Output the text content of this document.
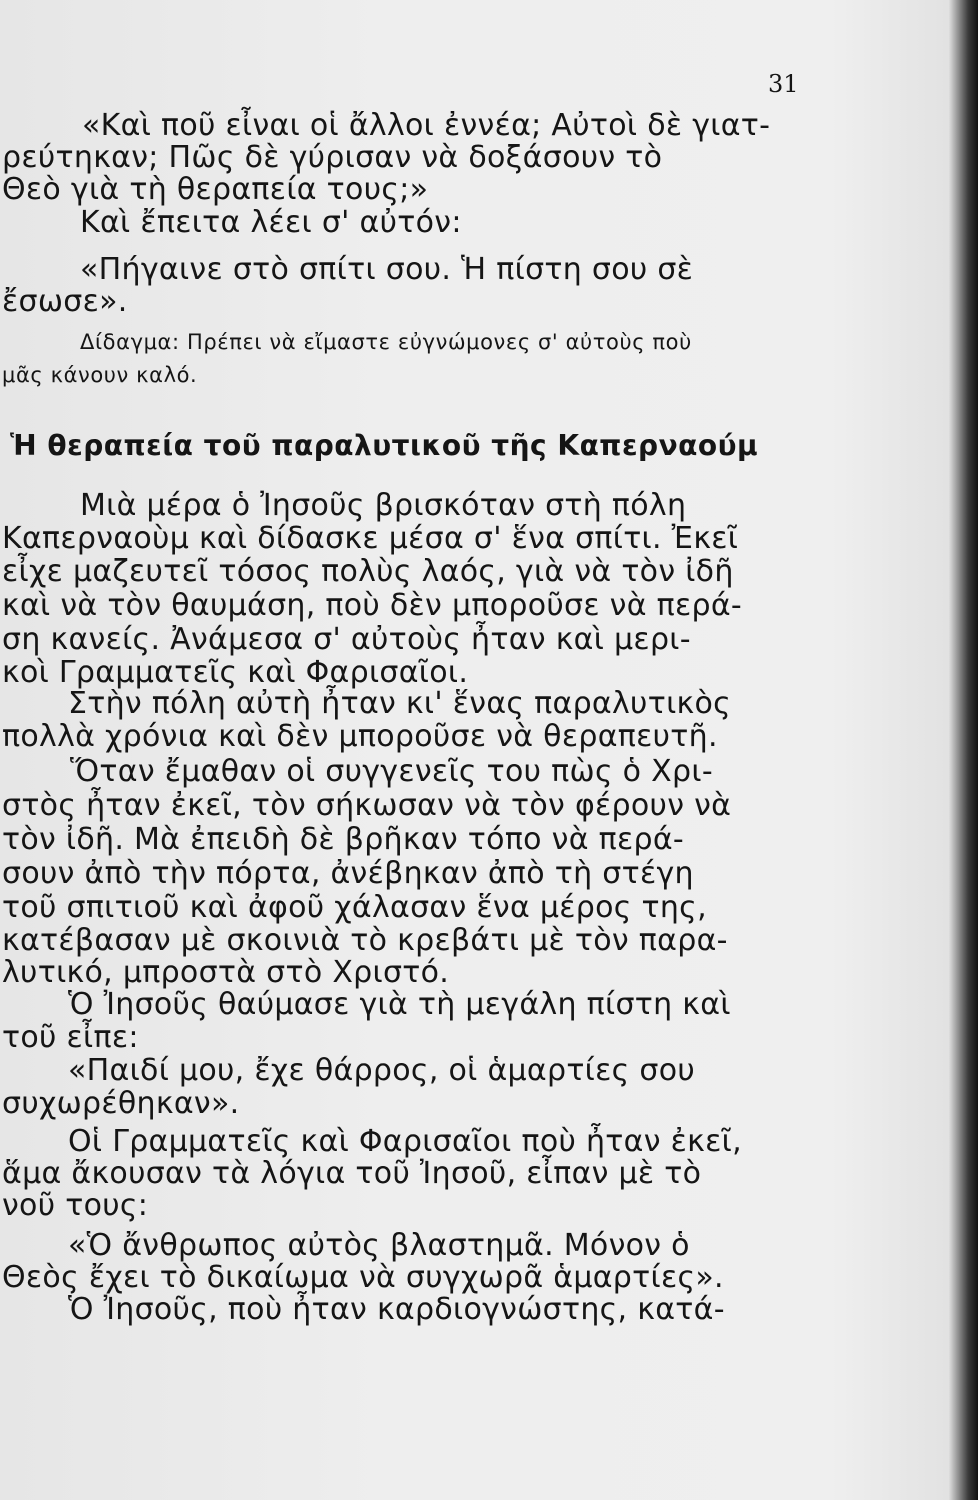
31
«Καὶ ποῦ εἶναι οἱ ἄλλοι ἐννέα; Αὐτοὶ δὲ γιατ-
ρεύτηκαν; Πῶς δὲ γύρισαν νὰ δοξάσουν τὸ
Θεὸ γιὰ τὴ θεραπεία τους;»
Καὶ ἔπειτα λέει σ' αὐτόν:
«Πήγαινε στὸ σπίτι σου. Ἡ πίστη σου σὲ
ἔσωσε».
Δίδαγμα: Πρέπει νὰ εἴμαστε εὐγνώμονες σ' αὐτοὺς ποὺ
μᾶς κάνουν καλό.
Ἡ θεραπεία τοῦ παραλυτικοῦ τῆς Καπερναούμ
Μιὰ μέρα ὁ Ἰησοῦς βρισκόταν στὴ πόλη
Καπερναοὺμ καὶ δίδασκε μέσα σ' ἕνα σπίτι. Ἐκεῖ
εἶχε μαζευτεῖ τόσος πολὺς λαός, γιὰ νὰ τὸν ἰδῆ
καὶ νὰ τὸν θαυμάση, ποὺ δὲν μποροῦσε νὰ περά-
ση κανείς. Ἀνάμεσα σ' αὐτοὺς ἦταν καὶ μερι-
κοὶ Γραμματεῖς καὶ Φαρισαῖοι.
Στὴν πόλη αὐτὴ ἦταν κι' ἕνας παραλυτικὸς
πολλὰ χρόνια καὶ δὲν μποροῦσε νὰ θεραπευτῆ.
Ὅταν ἔμαθαν οἱ συγγενεῖς του πὼς ὁ Χρι-
στὸς ἦταν ἐκεῖ, τὸν σήκωσαν νὰ τὸν φέρουν νὰ
τὸν ἰδῆ. Μὰ ἐπειδὴ δὲ βρῆκαν τόπο νὰ περά-
σουν ἀπὸ τὴν πόρτα, ἀνέβηκαν ἀπὸ τὴ στέγη
τοῦ σπιτιοῦ καὶ ἀφοῦ χάλασαν ἕνα μέρος της,
κατέβασαν μὲ σκοινιὰ τὸ κρεβάτι μὲ τὸν παρα-
λυτικό, μπροστὰ στὸ Χριστό.
Ὁ Ἰησοῦς θαύμασε γιὰ τὴ μεγάλη πίστη καὶ
τοῦ εἶπε:
«Παιδί μου, ἔχε θάρρος, οἱ ἁμαρτίες σου
συχωρέθηκαν».
Οἱ Γραμματεῖς καὶ Φαρισαῖοι ποὺ ἦταν ἐκεῖ,
ἅμα ἄκουσαν τὰ λόγια τοῦ Ἰησοῦ, εἶπαν μὲ τὸ
νοῦ τους:
«Ὁ ἄνθρωπος αὐτὸς βλαστημᾶ. Μόνον ὁ
Θεὸς ἔχει τὸ δικαίωμα νὰ συγχωρᾶ ἁμαρτίες».
Ὁ Ἰησοῦς, ποὺ ἦταν καρδιογνώστης, κατά-
